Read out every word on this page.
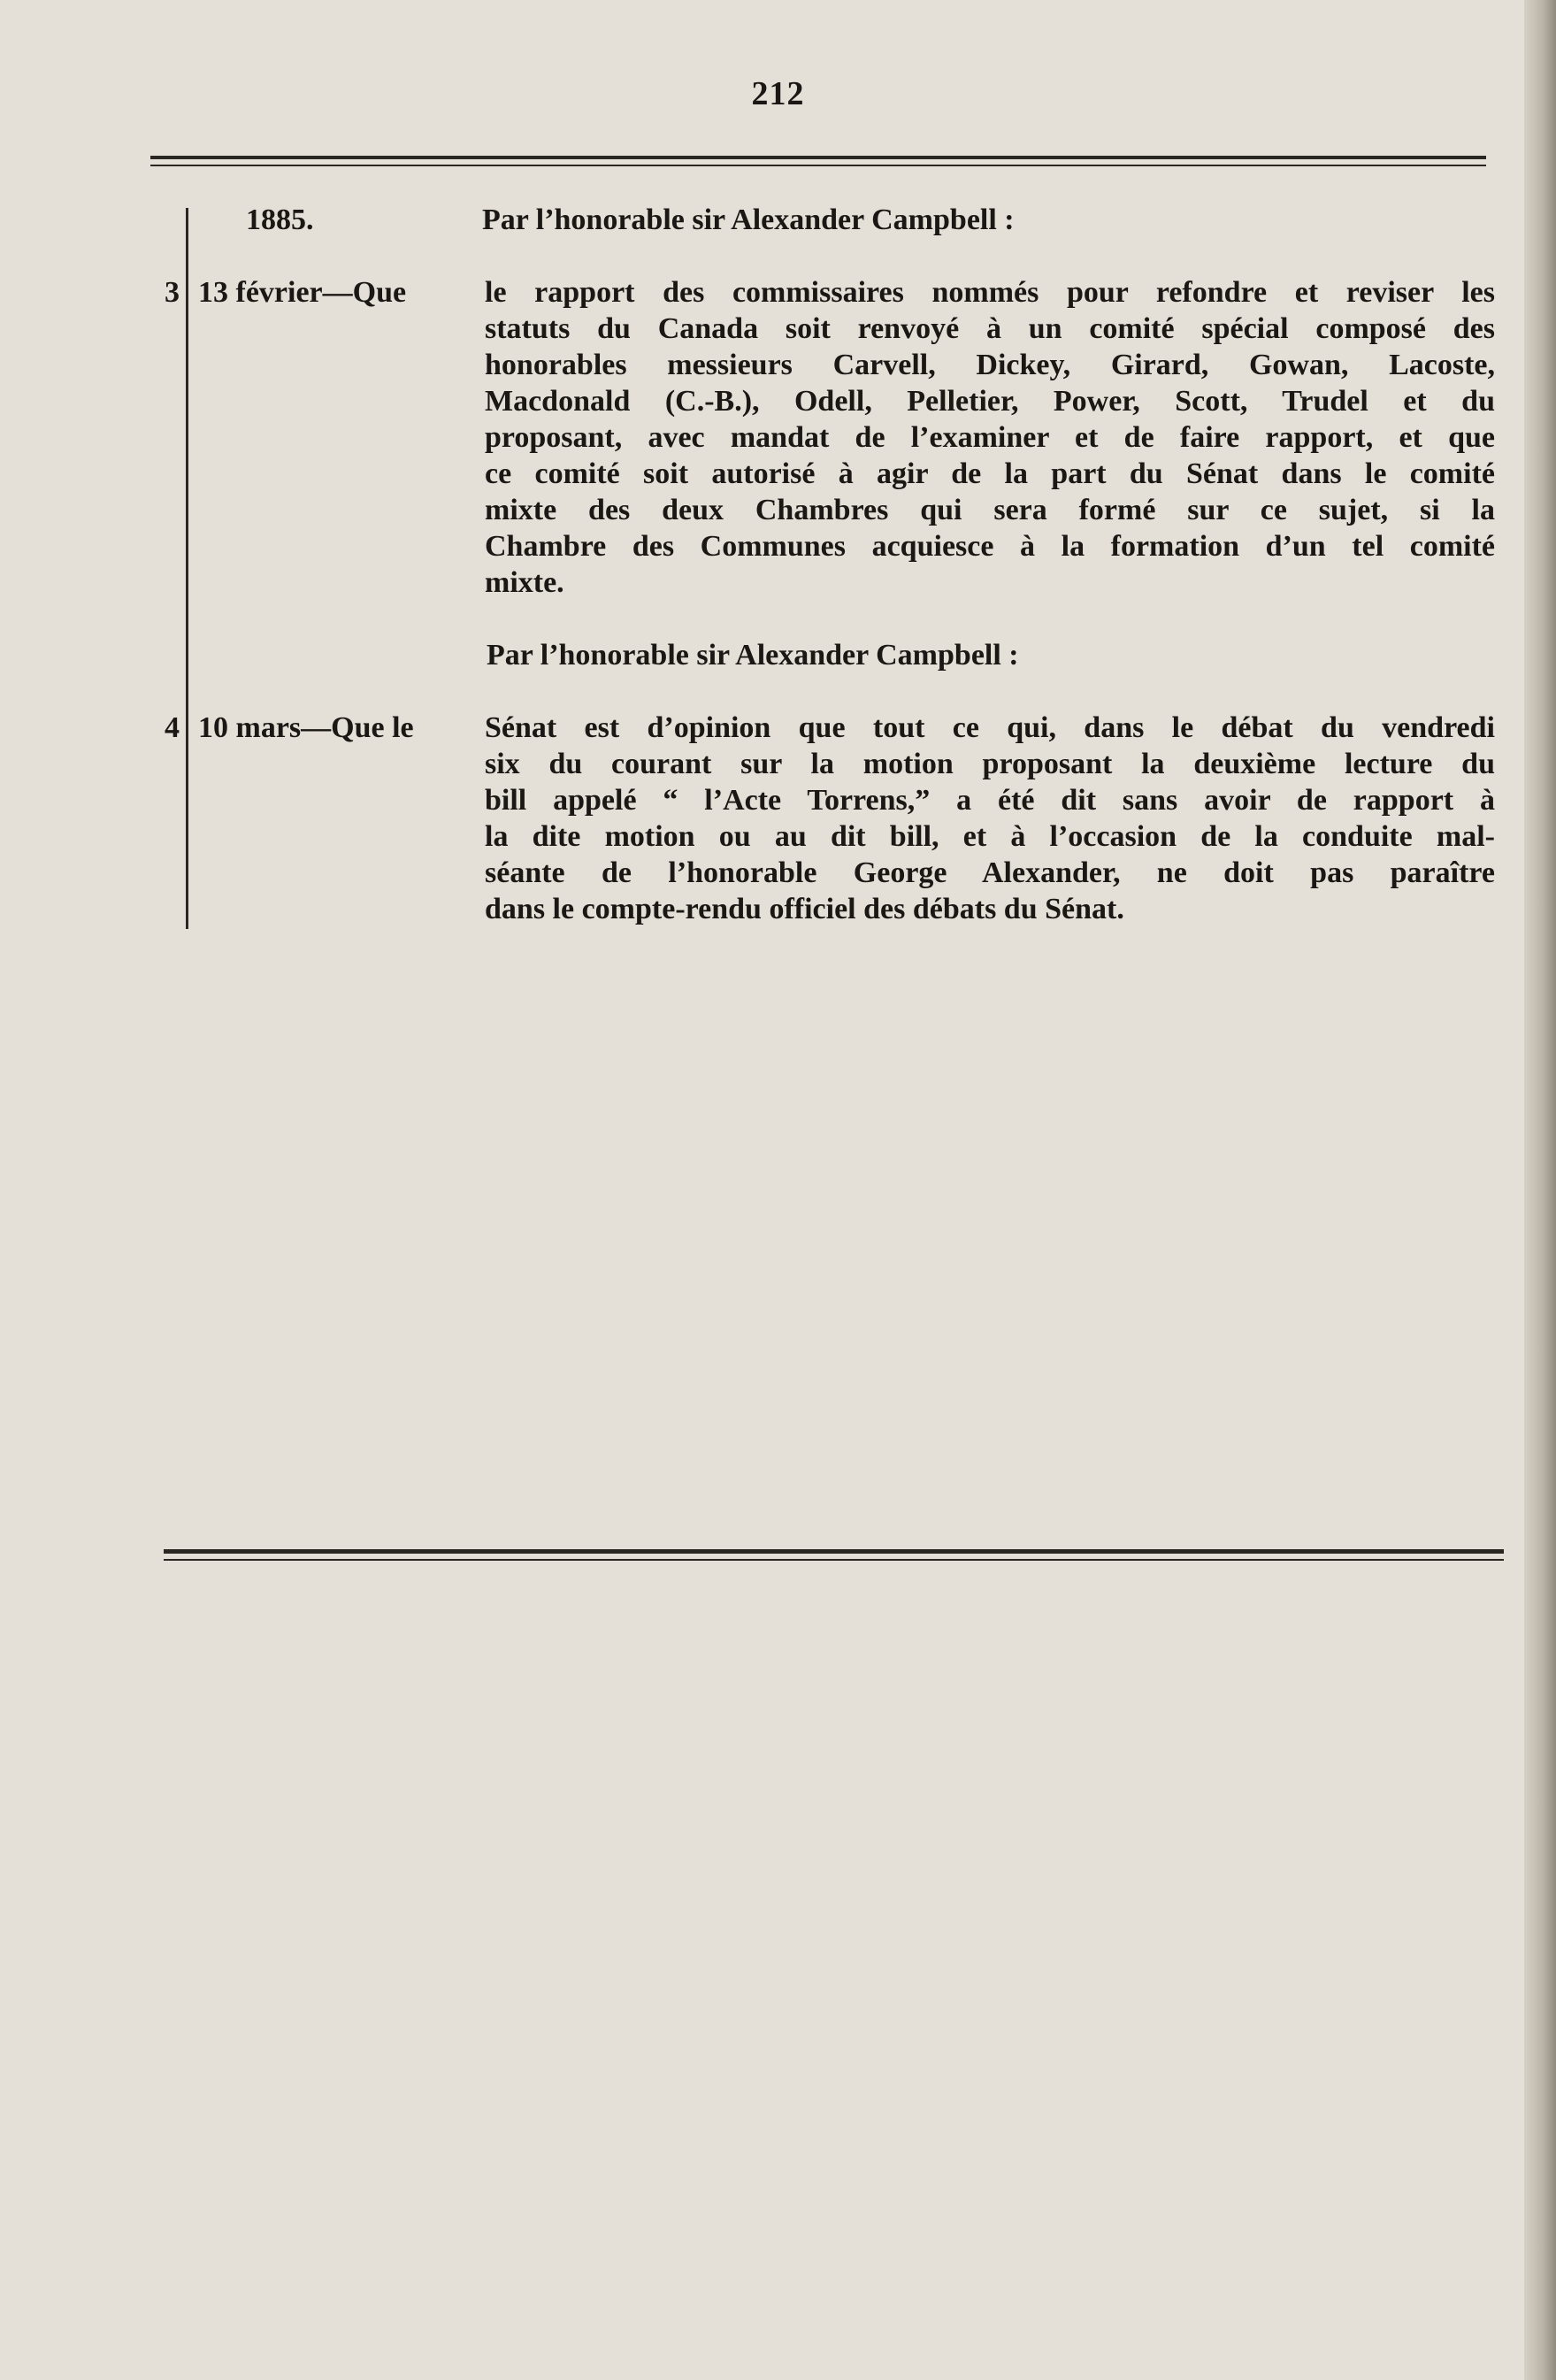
212
1885.	Par l’honorable sir Alexander Campbell :
3 13 février—Que	le rapport des commissaires nommés pour refondre et reviser les
statuts du Canada soit renvoyé à un comité spécial composé des
honorables messieurs Carvell, Dickey, Girard, Gowan, Lacoste,
Macdonald (C.-B.), Odell, Pelletier, Power, Scott, Trudel et du
proposant, avec mandat de l’examiner et de faire rapport, et que
ce comité soit autorisé à agir de la part du Sénat dans le comité
mixte des deux Chambres qui sera formé sur ce sujet, si la
Chambre des Communes acquiesce à la formation d’un tel comité
mixte.
Par l’honorable sir Alexander Campbell :
4 10 mars—Que le Sénat est d’opinion que tout ce qui, dans le débat du vendredi
six du courant sur la motion proposant la deuxième lecture du
bill appelé “ l’Acte Torrens,” a été dit sans avoir de rapport à
la dite motion ou au dit bill, et à l’occasion de la conduite mal-
séante de l’honorable George Alexander, ne doit pas paraître
dans le compte-rendu officiel des débats du Sénat.
